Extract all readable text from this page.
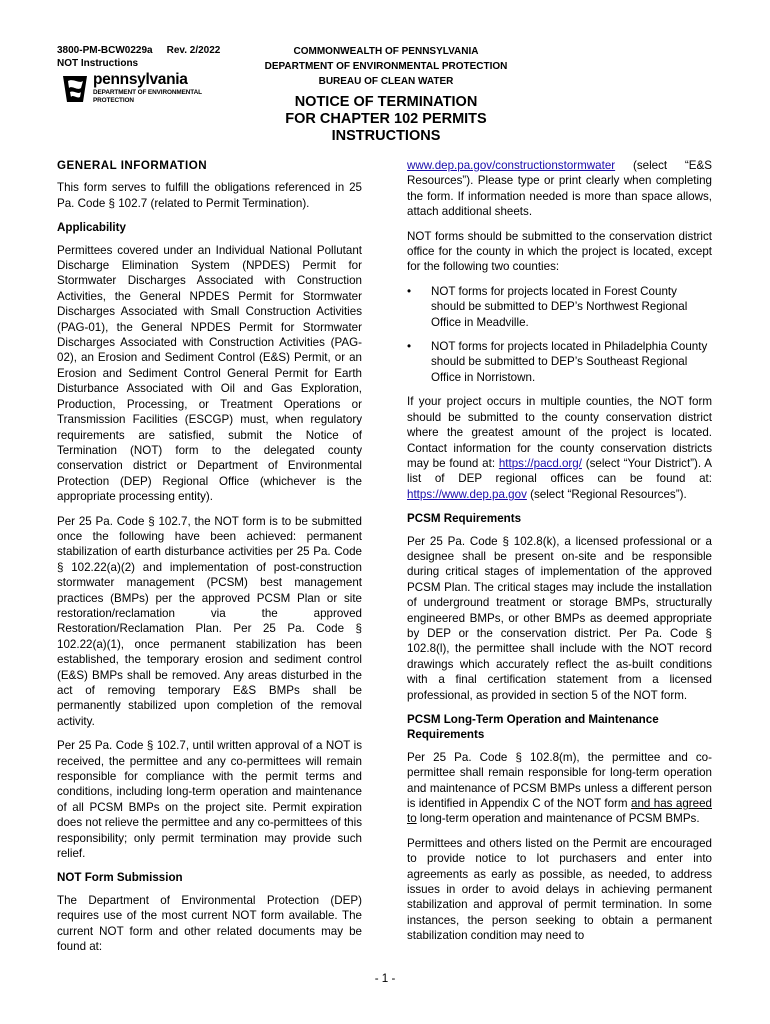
3800-PM-BCW0229a Rev. 2/2022
NOT Instructions
COMMONWEALTH OF PENNSYLVANIA
DEPARTMENT OF ENVIRONMENTAL PROTECTION
BUREAU OF CLEAN WATER
pennsylvania
DEPARTMENT OF ENVIRONMENTAL
PROTECTION	NOTICE OF TERMINATION
FOR CHAPTER 102 PERMITS
INSTRUCTIONS
GENERAL INFORMATION

This form serves to fulfill the obligations referenced in 25 Pa. Code § 102.7 (related to Permit Termination).

Applicability

Permittees covered under an Individual National Pollutant Discharge Elimination System (NPDES) Permit for Stormwater Discharges Associated with Construction Activities, the General NPDES Permit for Stormwater Discharges Associated with Small Construction Activities (PAG-01), the General NPDES Permit for Stormwater Discharges Associated with Construction Activities (PAG-02), an Erosion and Sediment Control (E&S) Permit, or an Erosion and Sediment Control General Permit for Earth Disturbance Associated with Oil and Gas Exploration, Production, Processing, or Treatment Operations or Transmission Facilities (ESCGP) must, when regulatory requirements are satisfied, submit the Notice of Termination (NOT) form to the delegated county conservation district or Department of Environmental Protection (DEP) Regional Office (whichever is the appropriate processing entity).

Per 25 Pa. Code § 102.7, the NOT form is to be submitted once the following have been achieved: permanent stabilization of earth disturbance activities per 25 Pa. Code § 102.22(a)(2) and implementation of post-construction stormwater management (PCSM) best management practices (BMPs) per the approved PCSM Plan or site restoration/reclamation via the approved Restoration/Reclamation Plan. Per 25 Pa. Code § 102.22(a)(1), once permanent stabilization has been established, the temporary erosion and sediment control (E&S) BMPs shall be removed. Any areas disturbed in the act of removing temporary E&S BMPs shall be permanently stabilized upon completion of the removal activity.

Per 25 Pa. Code § 102.7, until written approval of a NOT is received, the permittee and any co-permittees will remain responsible for compliance with the permit terms and conditions, including long-term operation and maintenance of all PCSM BMPs on the project site. Permit expiration does not relieve the permittee and any co-permittees of this responsibility; only permit termination may provide such relief.

NOT Form Submission

The Department of Environmental Protection (DEP) requires use of the most current NOT form available. The current NOT form and other related documents may be found at:

www.dep.pa.gov/constructionstormwater (select “E&S Resources”). Please type or print clearly when completing the form. If information needed is more than space allows, attach additional sheets.

NOT forms should be submitted to the conservation district office for the county in which the project is located, except for the following two counties:

• NOT forms for projects located in Forest County should be submitted to DEP’s Northwest Regional Office in Meadville.
• NOT forms for projects located in Philadelphia County should be submitted to DEP’s Southeast Regional Office in Norristown.

If your project occurs in multiple counties, the NOT form should be submitted to the county conservation district where the greatest amount of the project is located. Contact information for the county conservation districts may be found at: https://pacd.org/ (select “Your District”). A list of DEP regional offices can be found at: https://www.dep.pa.gov (select “Regional Resources”).

PCSM Requirements

Per 25 Pa. Code § 102.8(k), a licensed professional or a designee shall be present on-site and be responsible during critical stages of implementation of the approved PCSM Plan. The critical stages may include the installation of underground treatment or storage BMPs, structurally engineered BMPs, or other BMPs as deemed appropriate by DEP or the conservation district. Per Pa. Code § 102.8(l), the permittee shall include with the NOT record drawings which accurately reflect the as-built conditions with a final certification statement from a licensed professional, as provided in section 5 of the NOT form.

PCSM Long-Term Operation and Maintenance Requirements

Per 25 Pa. Code § 102.8(m), the permittee and co-permittee shall remain responsible for long-term operation and maintenance of PCSM BMPs unless a different person is identified in Appendix C of the NOT form and has agreed to long-term operation and maintenance of PCSM BMPs.

Permittees and others listed on the Permit are encouraged to provide notice to lot purchasers and enter into agreements as early as possible, as needed, to address issues in order to avoid delays in achieving permanent stabilization and approval of permit termination. In some instances, the person seeking to obtain a permanent stabilization condition may need to

- 1 -
